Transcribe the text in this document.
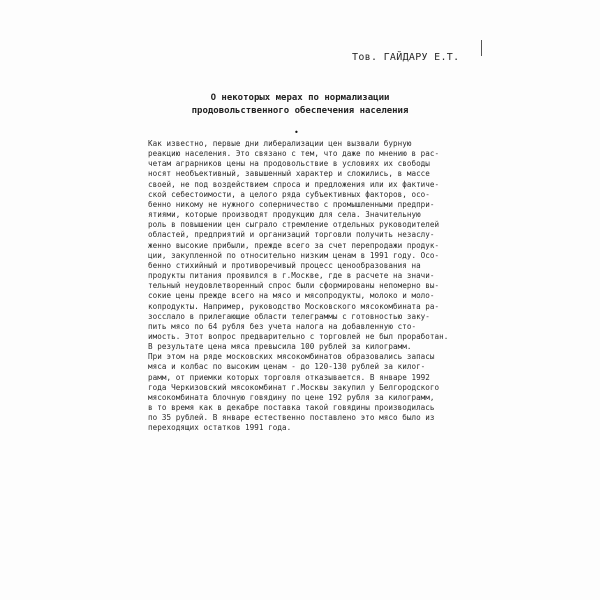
Тов. ГАЙДАРУ Е.Т.
О некоторых мерах по нормализации
продовольственного обеспечения населения
•
Как известно, первые дни либерализации цен вызвали бурную
реакцию населения. Это связано с тем, что даже по мнению в рас-
четам аграрников цены на продовольствие в условиях их свободы
носят необъективный, завышенный характер и сложились, в массе
своей, не под воздействием спроса и предложения или их фактиче-
ской себестоимости, а целого ряда субъективных факторов, осо-
бенно никому не нужного соперничество с промышленными предпри-
ятиями, которые производят продукцию для села. Значительную
роль в повышении цен сыграло стремление отдельных руководителей
областей, предприятий и организаций торговли получить незаслу-
женно высокие прибыли, прежде всего за счет перепродажи продук-
ции, закупленной по относительно низким ценам в 1991 году. Осо-
бенно стихийный и противоречивый процесс ценообразования на
продукты питания проявился в г.Москве, где в расчете на значи-
тельный неудовлетворенный спрос были сформированы непомерно вы-
сокие цены прежде всего на мясо и мясопродукты, молоко и моло-
копродукты. Например, руководство Московского мясокомбината ра-
зосслало в прилегающие области телеграммы с готовностью заку-
пить мясо по 64 рубля без учета налога на добавленную сто-
имость. Этот вопрос предварительно с торговлей не был проработан.
В результате цена мяса превысила 100 рублей за килограмм.
При этом на ряде московских мясокомбинатов образовались запасы
мяса и колбас по высоким ценам - до 120-130 рублей за килог-
рамм, от приемки которых торговля отказывается. В январе 1992
года Черкизовский мясокомбинат г.Москвы закупил у Белгородского
мясокомбината блочную говядину по цене 192 рубля за килограмм,
в то время как в декабре поставка такой говядины производилась
по 35 рублей. В январе естественно поставлено это мясо было из
переходящих остатков 1991 года.
